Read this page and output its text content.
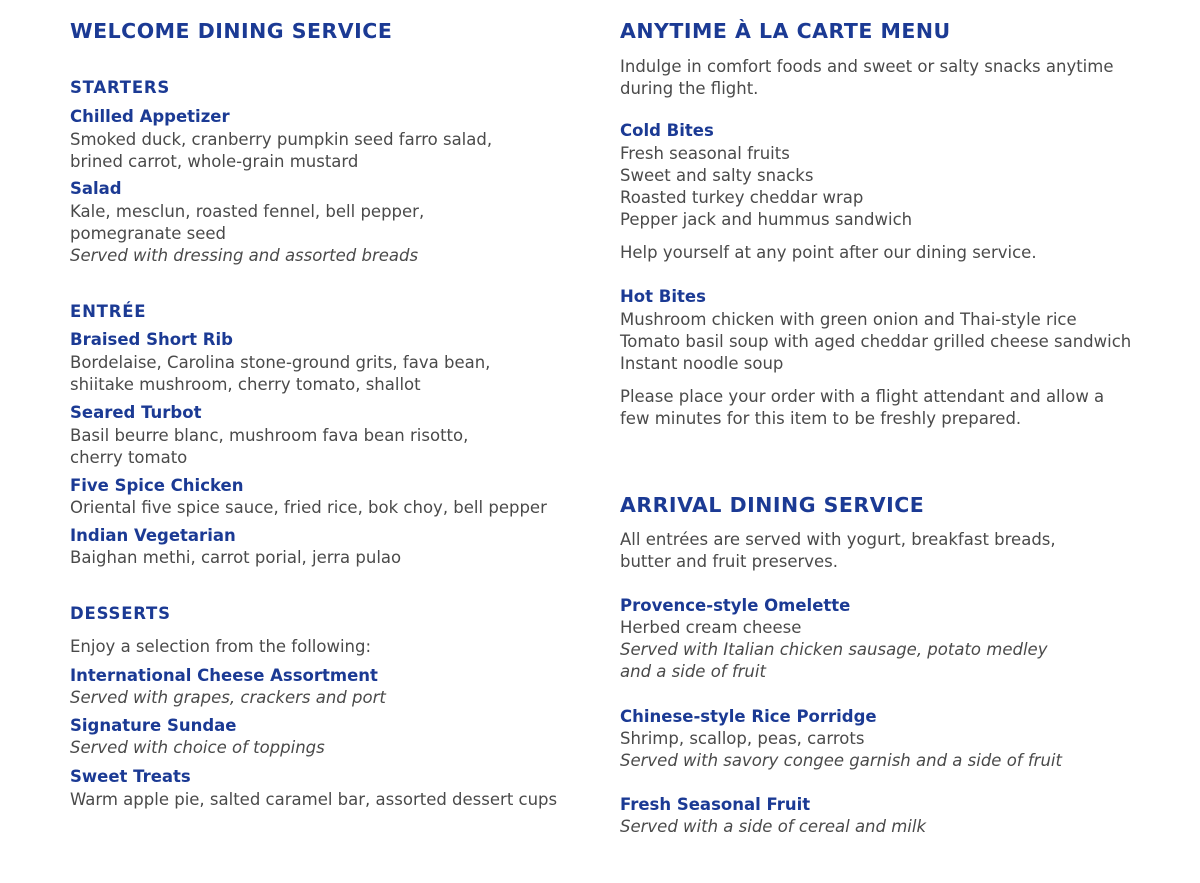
WELCOME DINING SERVICE
STARTERS
Chilled Appetizer
Smoked duck, cranberry pumpkin seed farro salad,
brined carrot, whole-grain mustard
Salad
Kale, mesclun, roasted fennel, bell pepper,
pomegranate seed
Served with dressing and assorted breads
ENTRÉE
Braised Short Rib
Bordelaise, Carolina stone-ground grits, fava bean,
shiitake mushroom, cherry tomato, shallot
Seared Turbot
Basil beurre blanc, mushroom fava bean risotto,
cherry tomato
Five Spice Chicken
Oriental five spice sauce, fried rice, bok choy, bell pepper
Indian Vegetarian
Baighan methi, carrot porial, jerra pulao
DESSERTS
Enjoy a selection from the following:
International Cheese Assortment
Served with grapes, crackers and port
Signature Sundae
Served with choice of toppings
Sweet Treats
Warm apple pie, salted caramel bar, assorted dessert cups
ANYTIME À LA CARTE MENU
Indulge in comfort foods and sweet or salty snacks anytime
during the flight.
Cold Bites
Fresh seasonal fruits
Sweet and salty snacks
Roasted turkey cheddar wrap
Pepper jack and hummus sandwich
Help yourself at any point after our dining service.
Hot Bites
Mushroom chicken with green onion and Thai-style rice
Tomato basil soup with aged cheddar grilled cheese sandwich
Instant noodle soup
Please place your order with a flight attendant and allow a
few minutes for this item to be freshly prepared.
ARRIVAL DINING SERVICE
All entrées are served with yogurt, breakfast breads,
butter and fruit preserves.
Provence-style Omelette
Herbed cream cheese
Served with Italian chicken sausage, potato medley
and a side of fruit
Chinese-style Rice Porridge
Shrimp, scallop, peas, carrots
Served with savory congee garnish and a side of fruit
Fresh Seasonal Fruit
Served with a side of cereal and milk
